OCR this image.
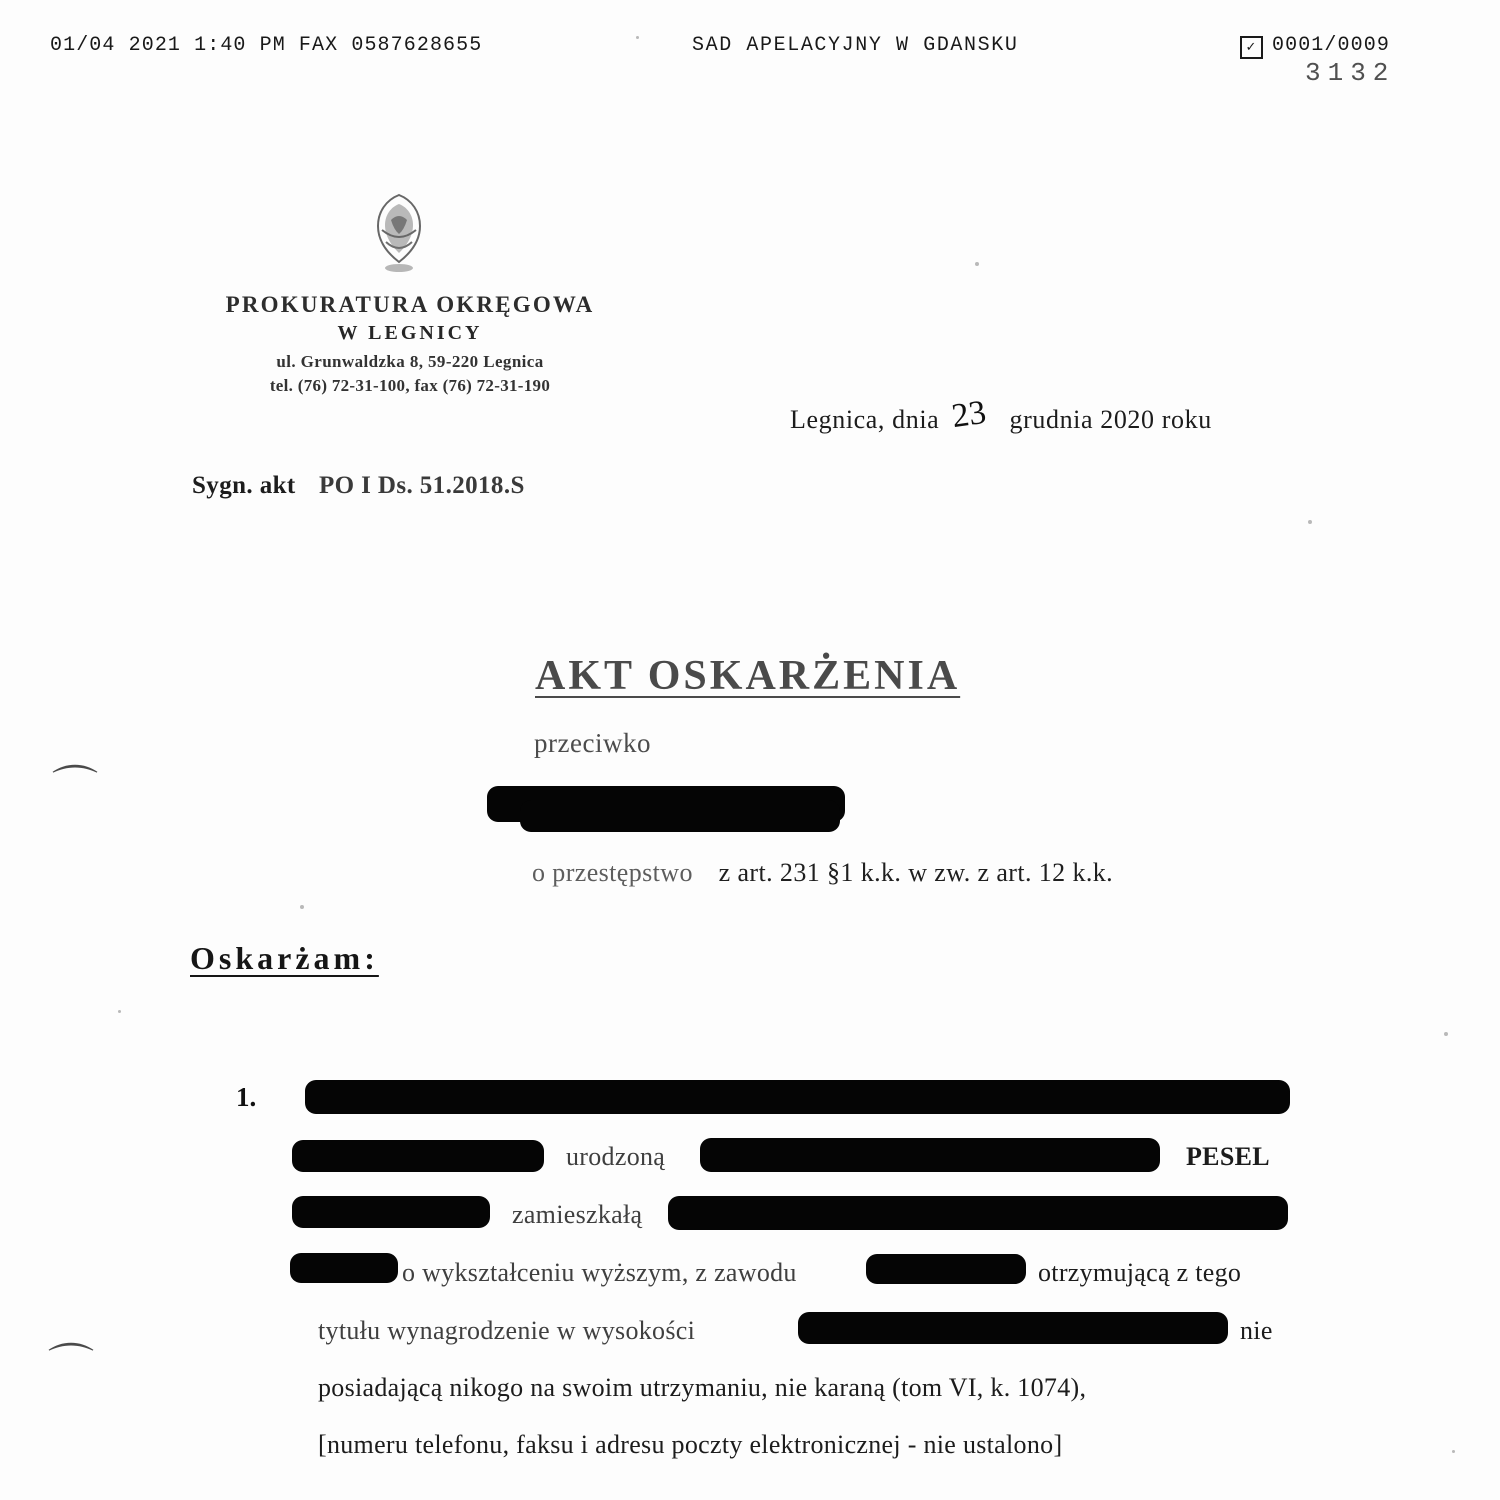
01/04 2021 1:40 PM FAX 0587628655	SAD APELACYJNY W GDANSKU	✓ 0001/0009
3132
PROKURATURA OKRĘGOWA
W LEGNICY
ul. Grunwaldzka 8, 59-220 Legnica
tel. (76) 72-31-100, fax (76) 72-31-190
Legnica, dnia	grudnia 2020 roku
23
Sygn. akt PO I Ds. 51.2018.S
AKT OSKARŻENIA
przeciwko
o przestępstwo z art. 231 §1 k.k. w zw. z art. 12 k.k.
Oskarżam:
1.
urodzoną	PESEL
zamieszkałą
o wykształceniu wyższym, z zawodu	otrzymującą z tego
tytułu wynagrodzenie w wysokości	nie
posiadającą nikogo na swoim utrzymaniu, nie karaną (tom VI, k. 1074),
[numeru telefonu, faksu i adresu poczty elektronicznej - nie ustalono]
⌒
⌒
